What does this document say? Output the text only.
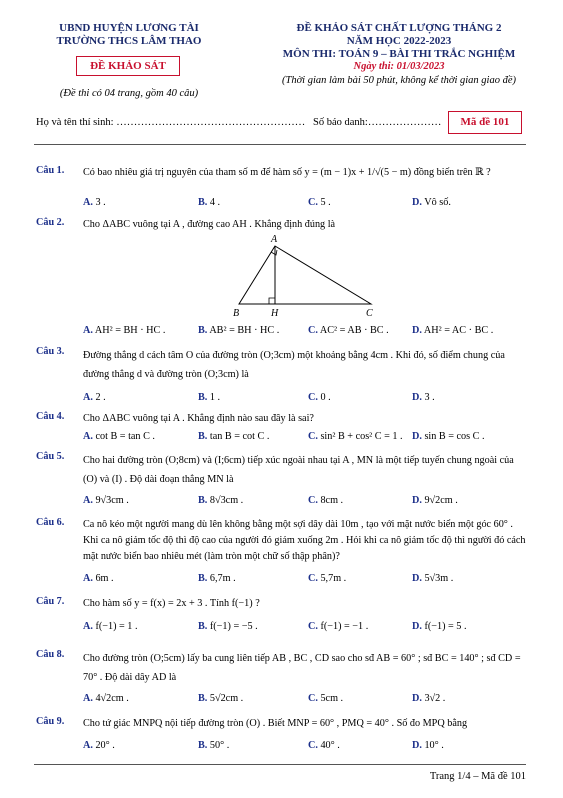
UBND HUYỆN LƯƠNG TÀI
TRƯỜNG THCS LÂM THAO
ĐỀ KHẢO SÁT
(Đề thi có 04 trang, gồm 40 câu)
ĐỀ KHẢO SÁT CHẤT LƯỢNG THÁNG 2
NĂM HỌC 2022-2023
MÔN THI: TOÁN 9 – BÀI THI TRẮC NGHIỆM
Ngày thi: 01/03/2023
(Thời gian làm bài 50 phút, không kể thời gian giao đề)
Họ và tên thí sinh: ……………………………………………… Số báo danh:…………………	Mã đề 101
Câu 1. Có bao nhiêu giá trị nguyên của tham số m để hàm số y = (m − 1)x + 1/√(5 − m) đồng biến trên ℝ ?
A. 3 .	B. 4 .	C. 5 .	D. Vô số.
Câu 2. Cho ΔABC vuông tại A , đường cao AH . Khẳng định đúng là
A
B	H	C
A. AH² = BH · HC .	B. AB² = BH · HC .	C. AC² = AB · BC . D. AH² = AC · BC .
Câu 3. Đường thẳng d cách tâm O của đường tròn (O;3cm) một khoảng bằng 4cm . Khi đó, số điểm chung của đường thẳng d và đường tròn (O;3cm) là
A. 2 .	B. 1 .	C. 0 .	D. 3 .
Câu 4. Cho ΔABC vuông tại A . Khẳng định nào sau đây là sai?
A. cot B = tan C .	B. tan B = cot C .	C. sin² B + cos² C = 1 . D. sin B = cos C .
Câu 5. Cho hai đường tròn (O;8cm) và (I;6cm) tiếp xúc ngoài nhau tại A , MN là một tiếp tuyến chung ngoài của (O) và (I) . Độ dài đoạn thẳng MN là
A. 9√3cm .	B. 8√3cm .	C. 8cm .	D. 9√2cm .
Câu 6. Ca nô kéo một người mang dù lên không bằng một sợi dây dài 10m , tạo với mặt nước biển một góc 60° . Khi ca nô giảm tốc độ thì độ cao của người đó giảm xuống 2m . Hỏi khi ca nô giảm tốc độ thì người đó cách mặt nước biển bao nhiêu mét (làm tròn một chữ số thập phân)?
A. 6m .	B. 6,7m .	C. 5,7m .	D. 5√3m .
Câu 7. Cho hàm số y = f(x) = 2x + 3 . Tính f(−1) ?
A. f(−1) = 1 .	B. f(−1) = −5 .	C. f(−1) = −1 .	D. f(−1) = 5 .
Câu 8. Cho đường tròn (O;5cm) lấy ba cung liên tiếp AB , BC , CD sao cho sđ AB = 60° ; sđ BC = 140° ; sđ CD = 70° . Độ dài dây AD là
A. 4√2cm .	B. 5√2cm .	C. 5cm .	D. 3√2 .
Câu 9. Cho tứ giác MNPQ nội tiếp đường tròn (O) . Biết MNP = 60° , PMQ = 40° . Số đo MPQ bằng
A. 20° .	B. 50° .	C. 40° .	D. 10° .
Trang 1/4 – Mã đề 101
